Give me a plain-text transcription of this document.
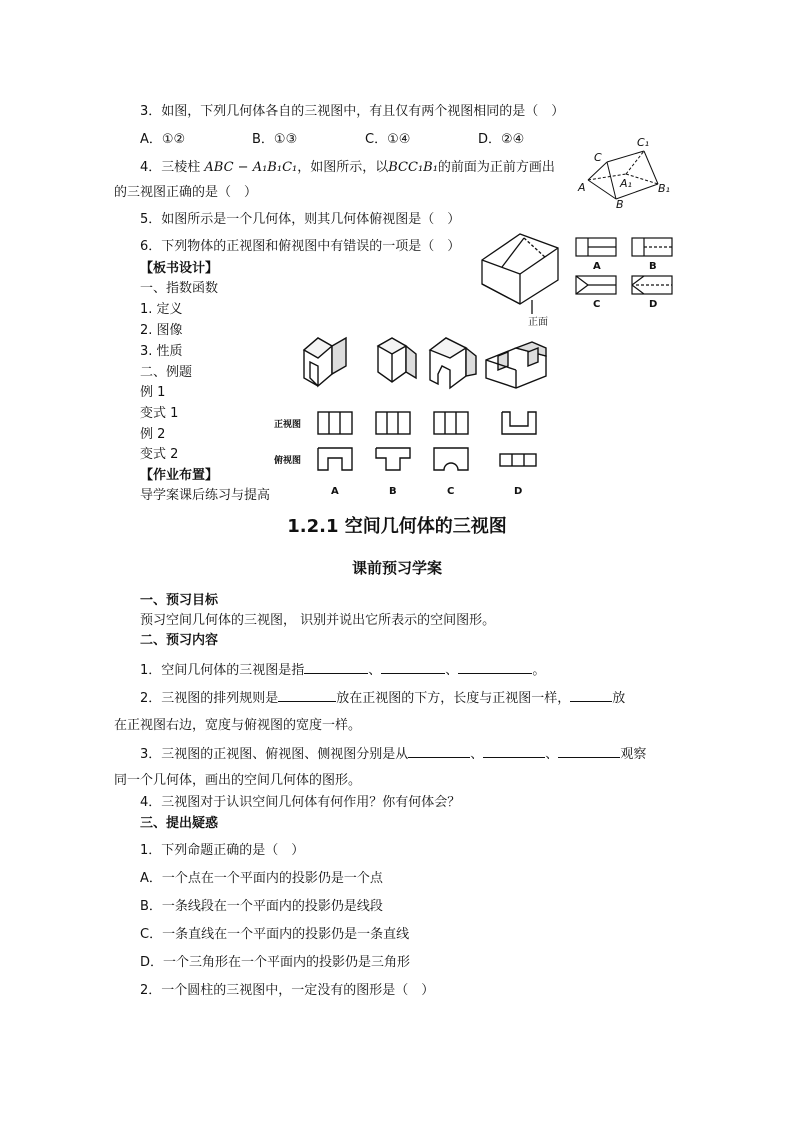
3．如图，下列几何体各自的三视图中，有且仅有两个视图相同的是（　）
A．①②	B．①③	C．①④	D．②④
4．三棱柱 ABC − A₁B₁C₁，如图所示，以BCC₁B₁的前面为正前方画出
的三视图正确的是（　）
5．如图所示是一个几何体，则其几何体俯视图是（　）
6．下列物体的正视图和俯视图中有错误的一项是（　）
C
C₁
A	A₁
B
B₁
正面
A	B
C	D
【板书设计】
一、指数函数
1. 定义
2. 图像
3. 性质
二、例题
例 1
变式 1
例 2
变式 2
【作业布置】
导学案课后练习与提高
正视图
俯视图
A	B	C	D
1.2.1 空间几何体的三视图
课前预习学案
一、预习目标
预习空间几何体的三视图， 识别并说出它所表示的空间图形。
二、预习内容
1．空间几何体的三视图是指	、	、	。
2．三视图的排列规则是	放在正视图的下方，长度与正视图一样，	放
在正视图右边，宽度与俯视图的宽度一样。
3．三视图的正视图、俯视图、侧视图分别是从	、	、	观察
同一个几何体，画出的空间几何体的图形。
4．三视图对于认识空间几何体有何作用？你有何体会？
三、提出疑惑
1．下列命题正确的是（　）
A．一个点在一个平面内的投影仍是一个点
B．一条线段在一个平面内的投影仍是线段
C．一条直线在一个平面内的投影仍是一条直线
D．一个三角形在一个平面内的投影仍是三角形
2．一个圆柱的三视图中，一定没有的图形是（　）
